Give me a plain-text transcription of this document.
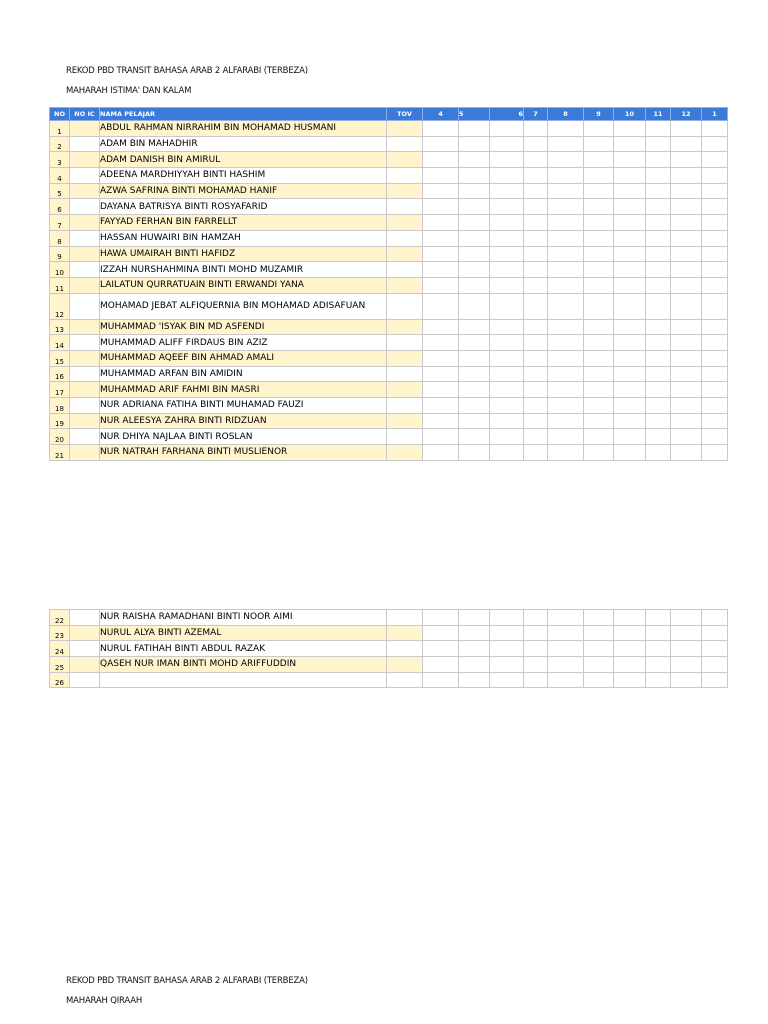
REKOD PBD TRANSIT BAHASA ARAB 2 ALFARABI (TERBEZA)
MAHARAH ISTIMA' DAN KALAM
NO	NO IC	NAMA PELAJAR	TOV	4	5	6	7	8	9	10	11	12	1
1		ABDUL RAHMAN NIRRAHIM BIN MOHAMAD HUSMANI											
2		ADAM BIN MAHADHIR											
3		ADAM DANISH BIN AMIRUL											
4		ADEENA MARDHIYYAH BINTI HASHIM											
5		AZWA SAFRINA BINTI MOHAMAD HANIF											
6		DAYANA BATRISYA BINTI ROSYAFARID											
7		FAYYAD FERHAN BIN FARRELLT											
8		HASSAN HUWAIRI BIN HAMZAH											
9		HAWA UMAIRAH BINTI HAFIDZ											
10		IZZAH NURSHAHMINA BINTI MOHD MUZAMIR											
11		LAILATUN QURRATUAIN BINTI ERWANDI YANA											
12		MOHAMAD JEBAT ALFIQUERNIA BIN MOHAMAD ADISAFUAN											
13		MUHAMMAD 'ISYAK BIN MD ASFENDI											
14		MUHAMMAD ALIFF FIRDAUS BIN AZIZ											
15		MUHAMMAD AQEEF BIN AHMAD AMALI											
16		MUHAMMAD ARFAN BIN AMIDIN											
17		MUHAMMAD ARIF FAHMI BIN MASRI											
18		NUR ADRIANA FATIHA BINTI MUHAMAD FAUZI											
19		NUR ALEESYA ZAHRA BINTI RIDZUAN											
20		NUR DHIYA NAJLAA BINTI ROSLAN											
21		NUR NATRAH FARHANA BINTI MUSLIENOR											
22		NUR RAISHA RAMADHANI BINTI NOOR AIMI											
23		NURUL ALYA BINTI AZEMAL											
24		NURUL FATIHAH BINTI ABDUL RAZAK											
25		QASEH NUR IMAN BINTI MOHD ARIFFUDDIN											
26													
REKOD PBD TRANSIT BAHASA ARAB 2 ALFARABI (TERBEZA)
MAHARAH QIRAAH
